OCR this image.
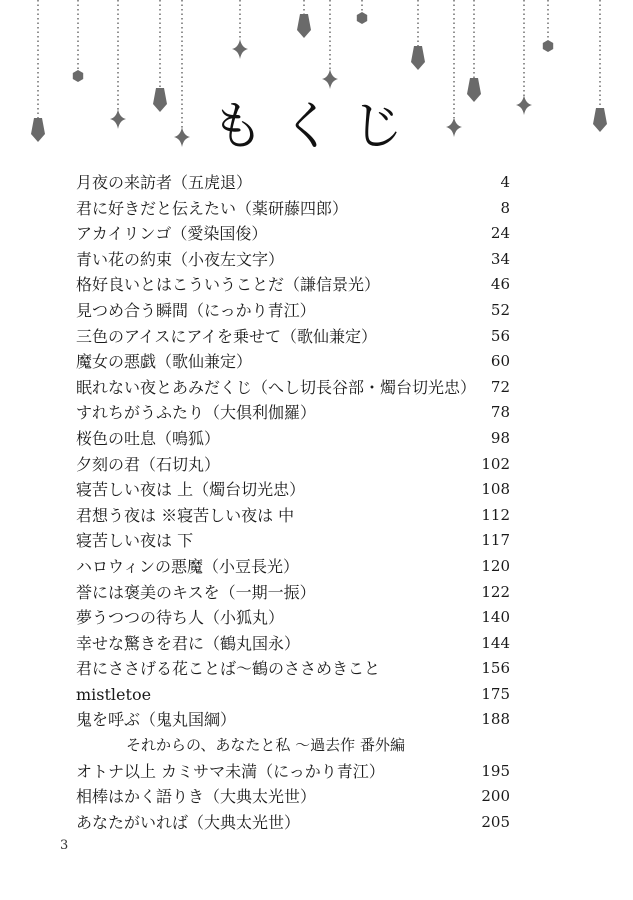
もくじ
月夜の来訪者（五虎退）	4
君に好きだと伝えたい（薬研藤四郎）	8
アカイリンゴ（愛染国俊）	24
青い花の約束（小夜左文字）	34
格好良いとはこういうことだ（謙信景光）	46
見つめ合う瞬間（にっかり青江）	52
三色のアイスにアイを乗せて（歌仙兼定）	56
魔女の悪戯（歌仙兼定）	60
眠れない夜とあみだくじ（へし切長谷部・燭台切光忠） 72
すれちがうふたり（大倶利伽羅）	78
桜色の吐息（鳴狐）	98
夕刻の君（石切丸）	102
寝苦しい夜は 上（燭台切光忠）	108
君想う夜は ※寝苦しい夜は 中	112
寝苦しい夜は 下	117
ハロウィンの悪魔（小豆長光）	120
誉には褒美のキスを（一期一振）	122
夢うつつの待ち人（小狐丸）	140
幸せな驚きを君に（鶴丸国永）	144
君にささげる花ことば〜鶴のささめきこと	156
mistletoe	175
鬼を呼ぶ（鬼丸国綱）	188
それからの、あなたと私 〜過去作 番外編
オトナ以上 カミサマ未満（にっかり青江）	195
相棒はかく語りき（大典太光世）	200
あなたがいれば（大典太光世）	205
3
